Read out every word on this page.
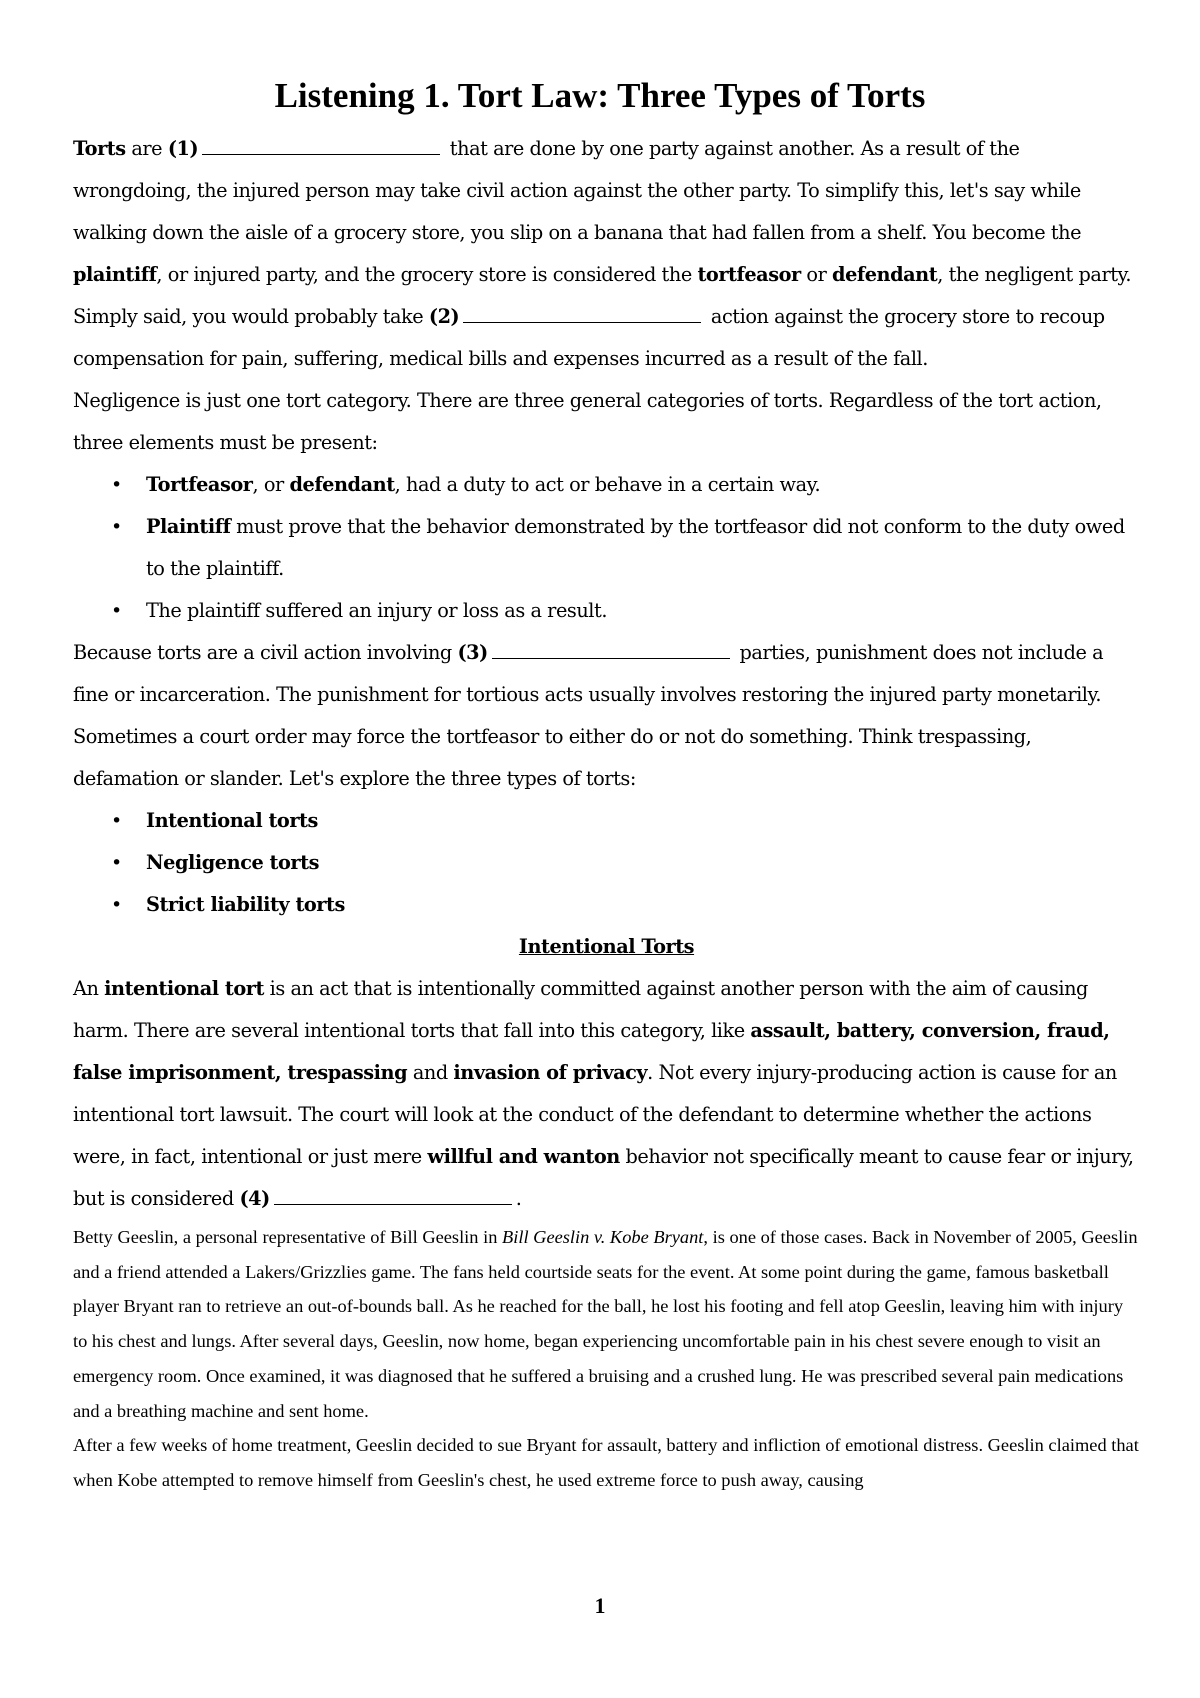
Listening 1. Tort Law: Three Types of Torts

Torts are (1)	that are done by one party against another. As a result of the wrongdoing, the injured person may take civil action against the other party. To simplify this, let's say while walking down the aisle of a grocery store, you slip on a banana that had fallen from a shelf. You become the plaintiff, or injured party, and the grocery store is considered the tortfeasor or defendant, the negligent party.

Simply said, you would probably take (2)	action against the grocery store to recoup compensation for pain, suffering, medical bills and expenses incurred as a result of the fall.

Negligence is just one tort category. There are three general categories of torts. Regardless of the tort action, three elements must be present:

• Tortfeasor, or defendant, had a duty to act or behave in a certain way.
• Plaintiff must prove that the behavior demonstrated by the tortfeasor did not conform to the duty owed to the plaintiff.
• The plaintiff suffered an injury or loss as a result.

Because torts are a civil action involving (3)	parties, punishment does not include a fine or incarceration. The punishment for tortious acts usually involves restoring the injured party monetarily. Sometimes a court order may force the tortfeasor to either do or not do something. Think trespassing, defamation or slander. Let's explore the three types of torts:

• Intentional torts
• Negligence torts
• Strict liability torts

Intentional Torts

An intentional tort is an act that is intentionally committed against another person with the aim of causing harm. There are several intentional torts that fall into this category, like assault, battery, conversion, fraud, false imprisonment, trespassing and invasion of privacy. Not every injury-producing action is cause for an intentional tort lawsuit. The court will look at the conduct of the defendant to determine whether the actions were, in fact, intentional or just mere willful and wanton behavior not specifically meant to cause fear or injury, but is considered (4)	.

Betty Geeslin, a personal representative of Bill Geeslin in Bill Geeslin v. Kobe Bryant, is one of those cases. Back in November of 2005, Geeslin and a friend attended a Lakers/Grizzlies game. The fans held courtside seats for the event. At some point during the game, famous basketball player Bryant ran to retrieve an out-of-bounds ball. As he reached for the ball, he lost his footing and fell atop Geeslin, leaving him with injury to his chest and lungs. After several days, Geeslin, now home, began experiencing uncomfortable pain in his chest severe enough to visit an emergency room. Once examined, it was diagnosed that he suffered a bruising and a crushed lung. He was prescribed several pain medications and a breathing machine and sent home.

After a few weeks of home treatment, Geeslin decided to sue Bryant for assault, battery and infliction of emotional distress. Geeslin claimed that when Kobe attempted to remove himself from Geeslin's chest, he used extreme force to push away, causing

1
